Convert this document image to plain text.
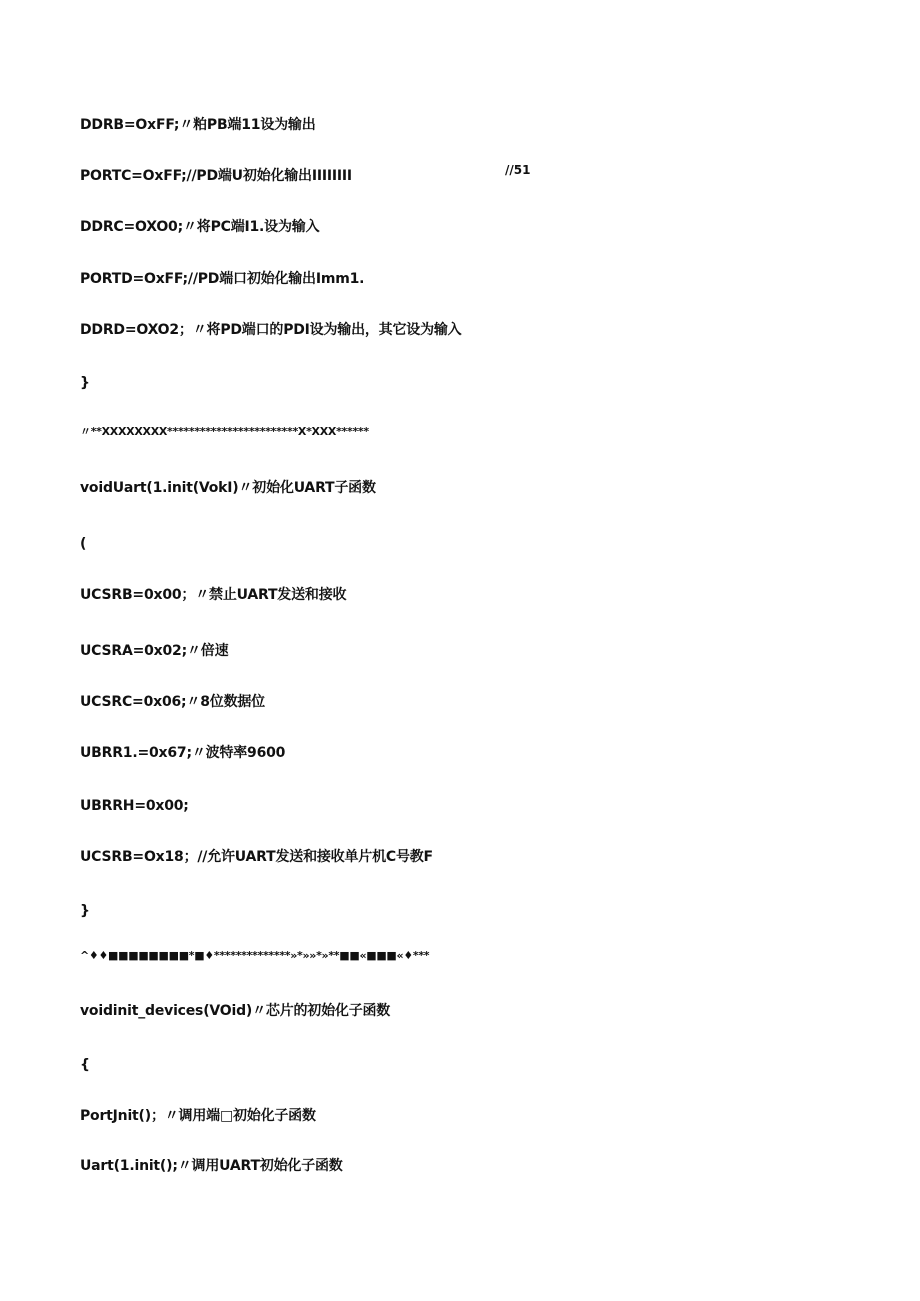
DDRB=OxFF;〃粕PB端11设为输出
PORTC=OxFF;//PD端U初始化输出IIIIIIII	//51
DDRC=OXO0;〃将PC端I1.设为输入
PORTD=OxFF;//PD端口初始化输出Imm1.
DDRD=OXO2；〃将PD端口的PDI设为输出，其它设为输入
}
〃**XXXXXXXX************************X*XXX******
voidUart(1.init(VokI)〃初始化UART子函数
(
UCSRB=0x00；〃禁止UART发送和接收
UCSRA=0x02;〃倍速
UCSRC=0x06;〃8位数据位
UBRR1.=0x67;〃波特率9600
UBRRH=0x00;
UCSRB=Ox18；//允许UART发送和接收单片机C号教F
}
^♦♦■■■■■■■■*■♦**************»*»»*»**■■«■■■«♦***
voidinit_devices(VOid)〃芯片的初始化子函数
{
PortJnit()；〃调用端□初始化子函数
Uart(1.init();〃调用UART初始化子函数
